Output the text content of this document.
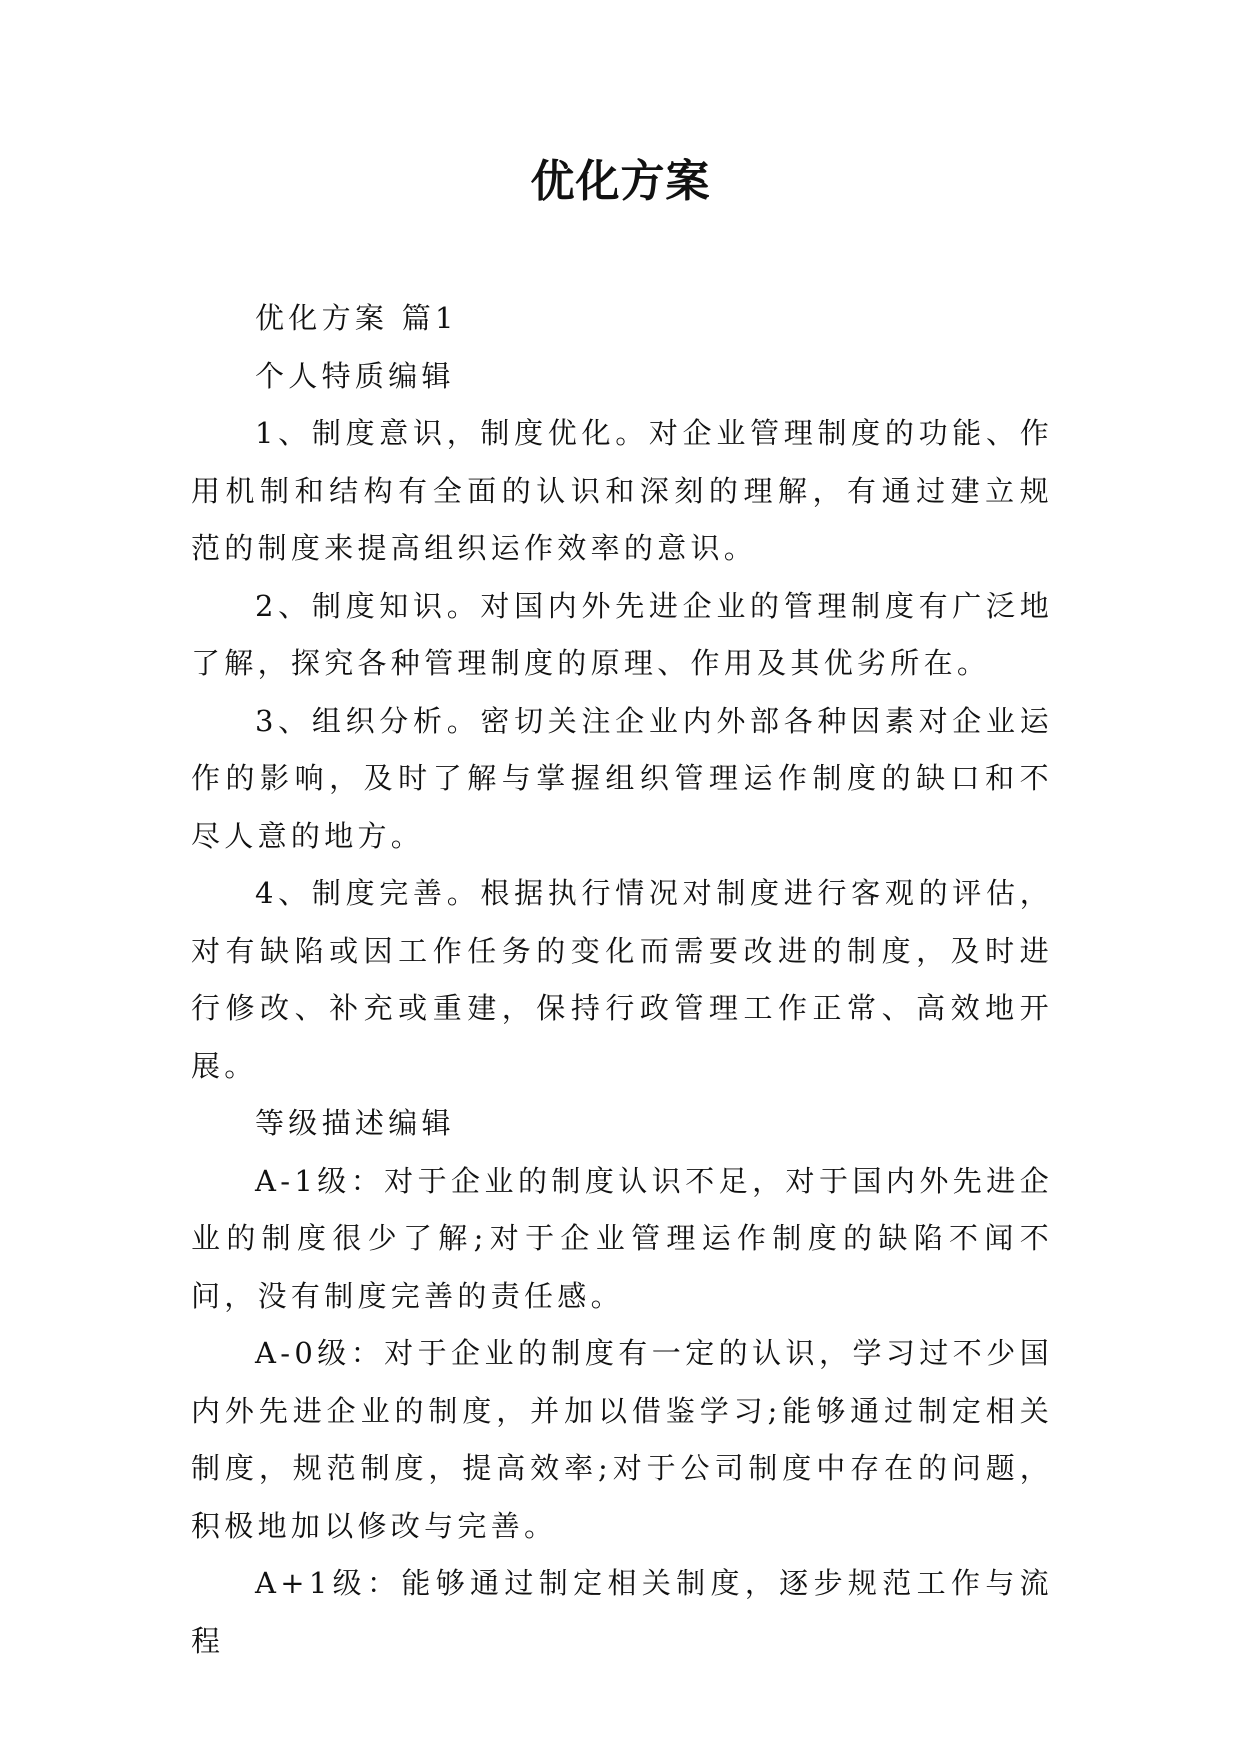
优化方案

优化方案 篇1

个人特质编辑

1、制度意识，制度优化。对企业管理制度的功能、作用机制和结构有全面的认识和深刻的理解，有通过建立规范的制度来提高组织运作效率的意识。

2、制度知识。对国内外先进企业的管理制度有广泛地了解，探究各种管理制度的原理、作用及其优劣所在。

3、组织分析。密切关注企业内外部各种因素对企业运作的影响，及时了解与掌握组织管理运作制度的缺口和不尽人意的地方。

4、制度完善。根据执行情况对制度进行客观的评估，对有缺陷或因工作任务的变化而需要改进的制度，及时进行修改、补充或重建，保持行政管理工作正常、高效地开展。

等级描述编辑

A-1级：对于企业的制度认识不足，对于国内外先进企业的制度很少了解;对于企业管理运作制度的缺陷不闻不问，没有制度完善的责任感。

A-0级：对于企业的制度有一定的认识，学习过不少国内外先进企业的制度，并加以借鉴学习;能够通过制定相关制度，规范制度，提高效率;对于公司制度中存在的问题，积极地加以修改与完善。

A+1级：能够通过制定相关制度，逐步规范工作与流程
